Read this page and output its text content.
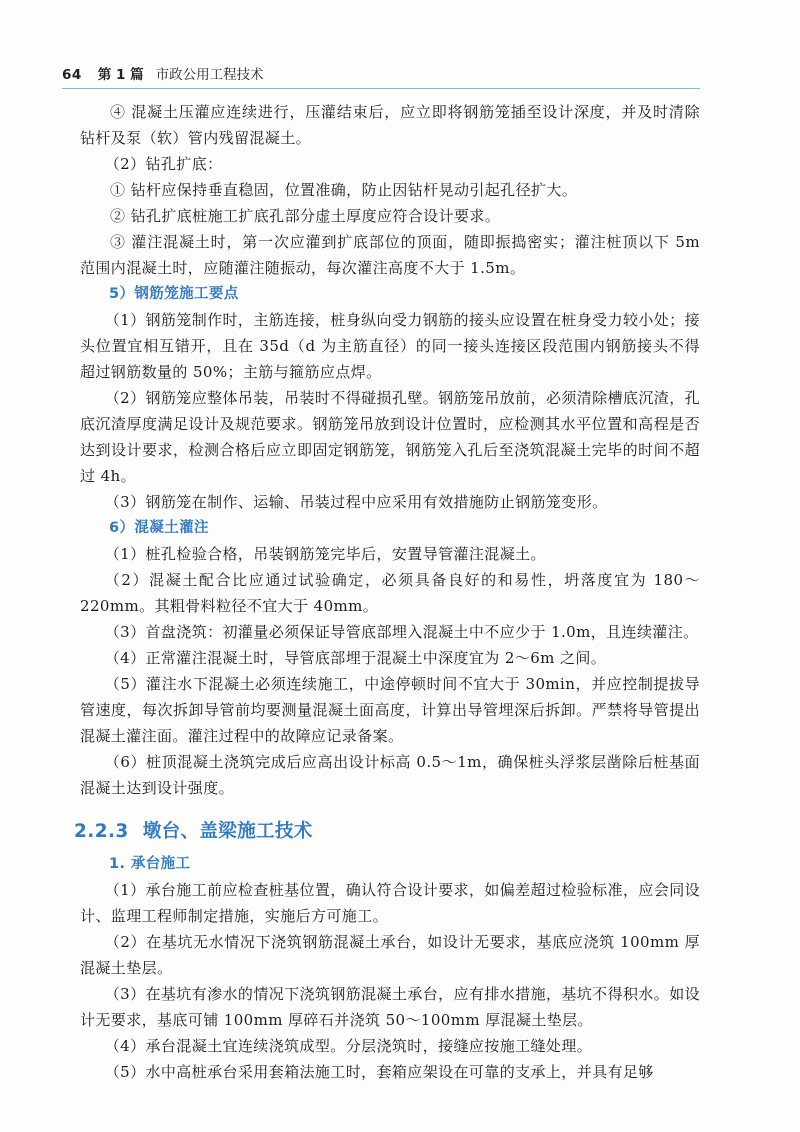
64 第 1 篇 市政公用工程技术

④ 混凝土压灌应连续进行，压灌结束后，应立即将钢筋笼插至设计深度，并及时清除钻杆及泵（软）管内残留混凝土。

（2）钻孔扩底：

① 钻杆应保持垂直稳固，位置准确，防止因钻杆晃动引起孔径扩大。

② 钻孔扩底桩施工扩底孔部分虚土厚度应符合设计要求。

③ 灌注混凝土时，第一次应灌到扩底部位的顶面，随即振捣密实；灌注桩顶以下 5m 范围内混凝土时，应随灌注随振动，每次灌注高度不大于 1.5m。

5）钢筋笼施工要点

（1）钢筋笼制作时，主筋连接，桩身纵向受力钢筋的接头应设置在桩身受力较小处；接头位置宜相互错开，且在 35d（d 为主筋直径）的同一接头连接区段范围内钢筋接头不得超过钢筋数量的 50%；主筋与箍筋应点焊。

（2）钢筋笼应整体吊装，吊装时不得碰损孔壁。钢筋笼吊放前，必须清除槽底沉渣，孔底沉渣厚度满足设计及规范要求。钢筋笼吊放到设计位置时，应检测其水平位置和高程是否达到设计要求，检测合格后应立即固定钢筋笼，钢筋笼入孔后至浇筑混凝土完毕的时间不超过 4h。

（3）钢筋笼在制作、运输、吊装过程中应采用有效措施防止钢筋笼变形。

6）混凝土灌注

（1）桩孔检验合格，吊装钢筋笼完毕后，安置导管灌注混凝土。

（2）混凝土配合比应通过试验确定，必须具备良好的和易性，坍落度宜为 180～220mm。其粗骨料粒径不宜大于 40mm。

（3）首盘浇筑：初灌量必须保证导管底部埋入混凝土中不应少于 1.0m，且连续灌注。

（4）正常灌注混凝土时，导管底部埋于混凝土中深度宜为 2～6m 之间。

（5）灌注水下混凝土必须连续施工，中途停顿时间不宜大于 30min，并应控制提拔导管速度，每次拆卸导管前均要测量混凝土面高度，计算出导管埋深后拆卸。严禁将导管提出混凝土灌注面。灌注过程中的故障应记录备案。

（6）桩顶混凝土浇筑完成后应高出设计标高 0.5～1m，确保桩头浮浆层凿除后桩基面混凝土达到设计强度。

2.2.3 墩台、盖梁施工技术

1. 承台施工

（1）承台施工前应检查桩基位置，确认符合设计要求，如偏差超过检验标准，应会同设计、监理工程师制定措施，实施后方可施工。

（2）在基坑无水情况下浇筑钢筋混凝土承台，如设计无要求，基底应浇筑 100mm 厚混凝土垫层。

（3）在基坑有渗水的情况下浇筑钢筋混凝土承台，应有排水措施，基坑不得积水。如设计无要求，基底可铺 100mm 厚碎石并浇筑 50～100mm 厚混凝土垫层。

（4）承台混凝土宜连续浇筑成型。分层浇筑时，接缝应按施工缝处理。

（5）水中高桩承台采用套箱法施工时，套箱应架设在可靠的支承上，并具有足够
